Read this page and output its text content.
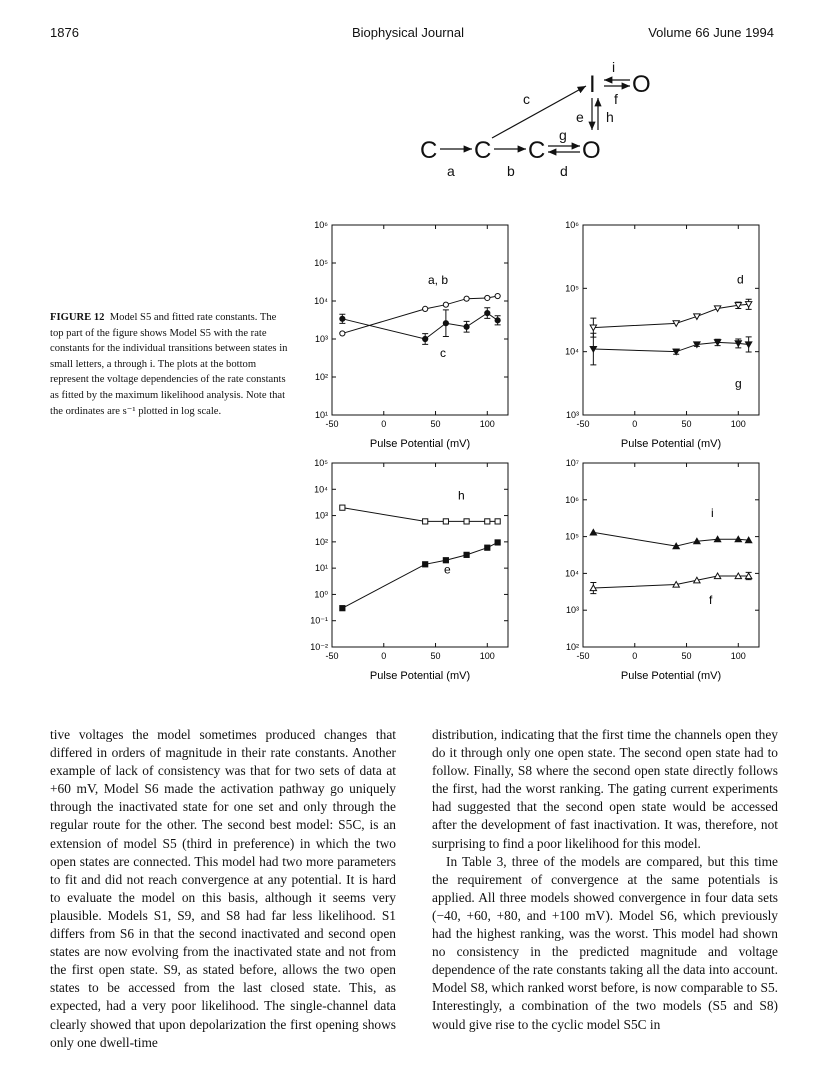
1876	Biophysical Journal	Volume 66 June 1994
C C C O
I O
a	b	d
g
c
e h
i
f
FIGURE 12 Model S5 and fitted rate constants. The top part of the figure shows Model S5 with the rate constants for the individual transitions between states in small letters, a through i. The plots at the bottom represent the voltage dependencies of the rate constants as fitted by the maximum likelihood analysis. Note that the ordinates are s⁻¹ plotted in log scale.
-50	0	50	100
10¹
10²
10³
10⁴
10⁵
10⁶
Pulse Potential (mV)
a, b
c
-50	0	50	100
10³
10⁴
10⁵
10⁶
Pulse Potential (mV)
d
g
-50	0	50	100
10⁻²
10⁻¹
10⁰
10¹
10²
10³
10⁴
10⁵
Pulse Potential (mV)
h
e
-50	0	50	100
10²
10³
10⁴
10⁵
10⁶
10⁷
Pulse Potential (mV)
i
f

tive voltages the model sometimes produced changes that differed in orders of magnitude in their rate constants. Another example of lack of consistency was that for two sets of data at +60 mV, Model S6 made the activation pathway go uniquely through the inactivated state for one set and only through the regular route for the other. The second best model: S5C, is an extension of model S5 (third in preference) in which the two open states are connected. This model had two more parameters to fit and did not reach convergence at any potential. It is hard to evaluate the model on this basis, although it seems very plausible. Models S1, S9, and S8 had far less likelihood. S1 differs from S6 in that the second inactivated and second open states are now evolving from the inactivated state and not from the first open state. S9, as stated before, allows the two open states to be accessed from the last closed state. This, as expected, had a very poor likelihood. The single-channel data clearly showed that upon depolarization the first opening shows only one dwell-time

distribution, indicating that the first time the channels open they do it through only one open state. The second open state had to follow. Finally, S8 where the second open state directly follows the first, had the worst ranking. The gating current experiments had suggested that the second open state would be accessed after the development of fast inactivation. It was, therefore, not surprising to find a poor likelihood for this model.

In Table 3, three of the models are compared, but this time the requirement of convergence at the same potentials is applied. All three models showed convergence in four data sets (−40, +60, +80, and +100 mV). Model S6, which previously had the highest ranking, was the worst. This model had shown no consistency in the predicted magnitude and voltage dependence of the rate constants taking all the data into account. Model S8, which ranked worst before, is now comparable to S5. Interestingly, a combination of the two models (S5 and S8) would give rise to the cyclic model S5C in
